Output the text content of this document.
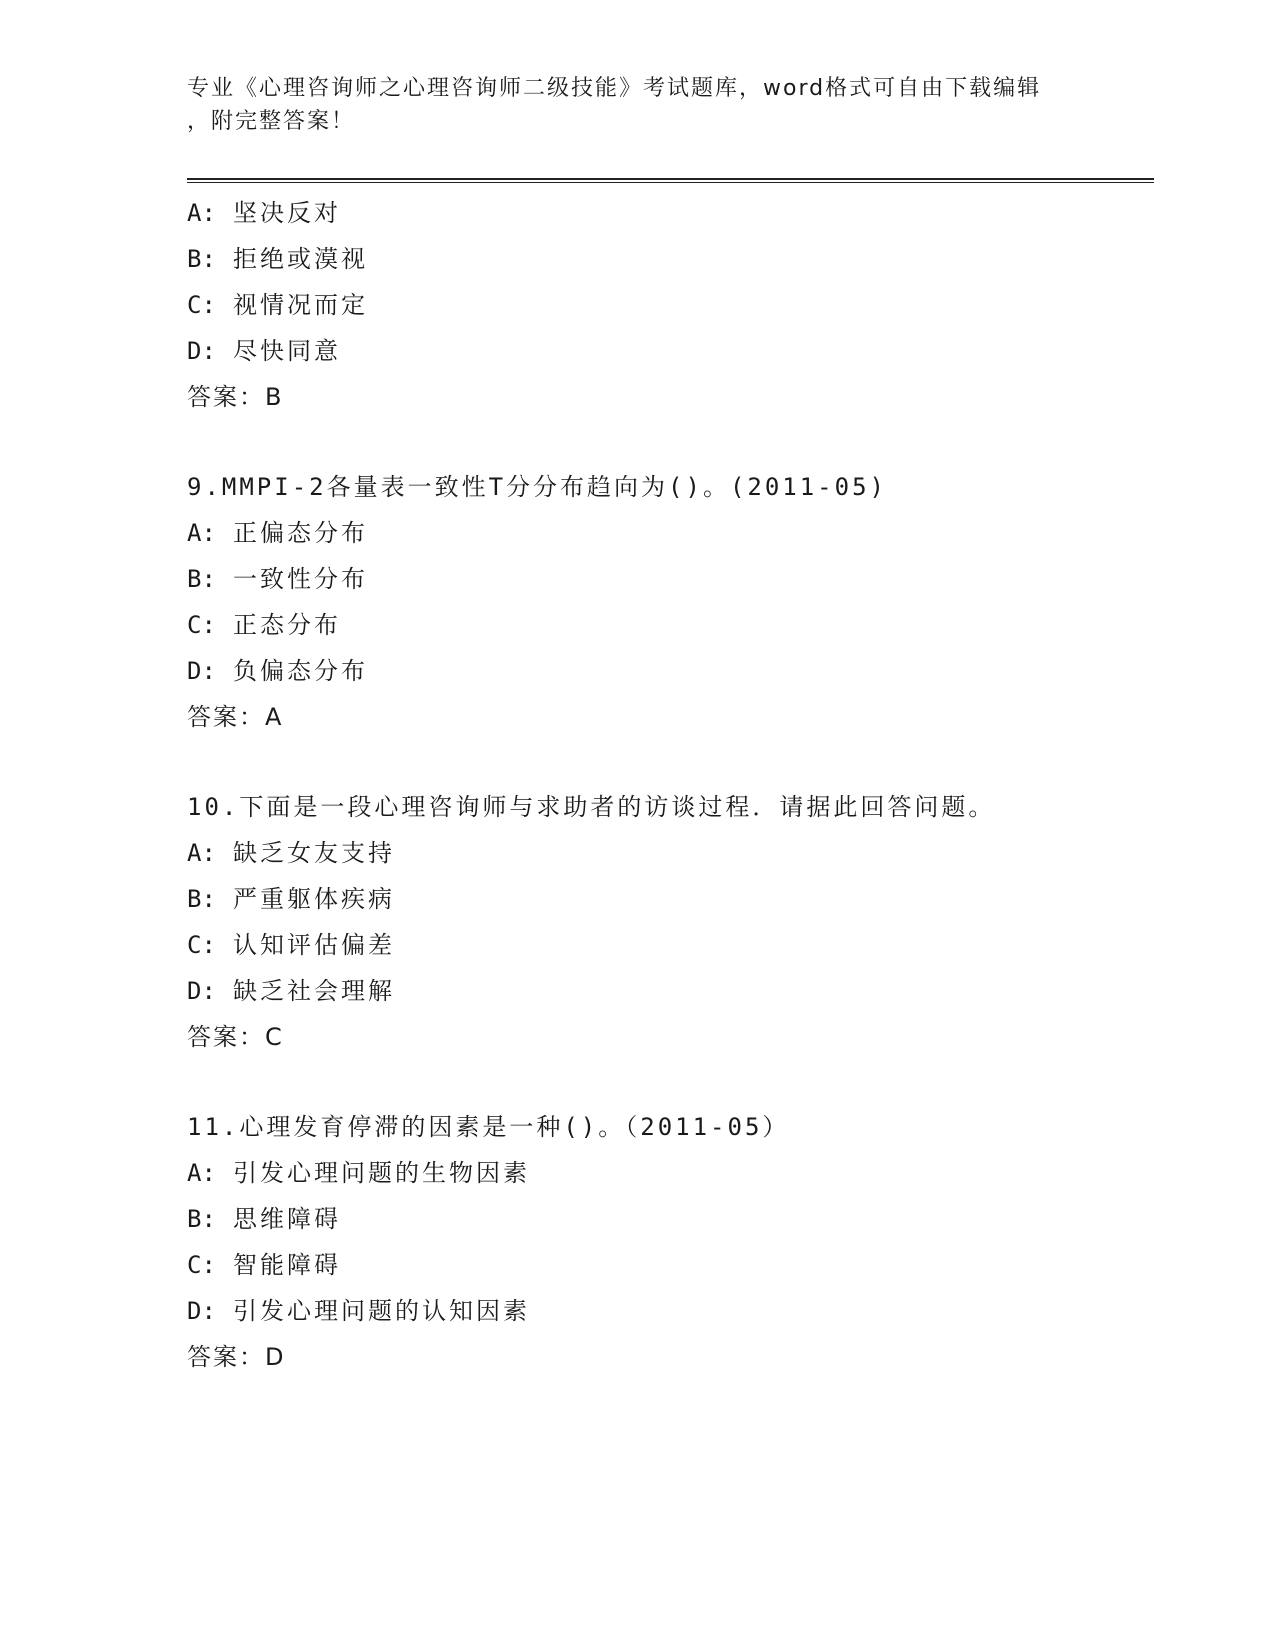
专业《心理咨询师之心理咨询师二级技能》考试题库，word格式可自由下载编辑
，附完整答案！
A: 坚决反对
B: 拒绝或漠视
C: 视情况而定
D: 尽快同意
答案：B
9.MMPI-2各量表一致性T分分布趋向为()。(2011-05)
A: 正偏态分布
B: 一致性分布
C: 正态分布
D: 负偏态分布
答案：A
10.下面是一段心理咨询师与求助者的访谈过程．请据此回答问题。
A: 缺乏女友支持
B: 严重躯体疾病
C: 认知评估偏差
D: 缺乏社会理解
答案：C
11.心理发育停滞的因素是一种()。（2011-05）
A: 引发心理问题的生物因素
B: 思维障碍
C: 智能障碍
D: 引发心理问题的认知因素
答案：D
